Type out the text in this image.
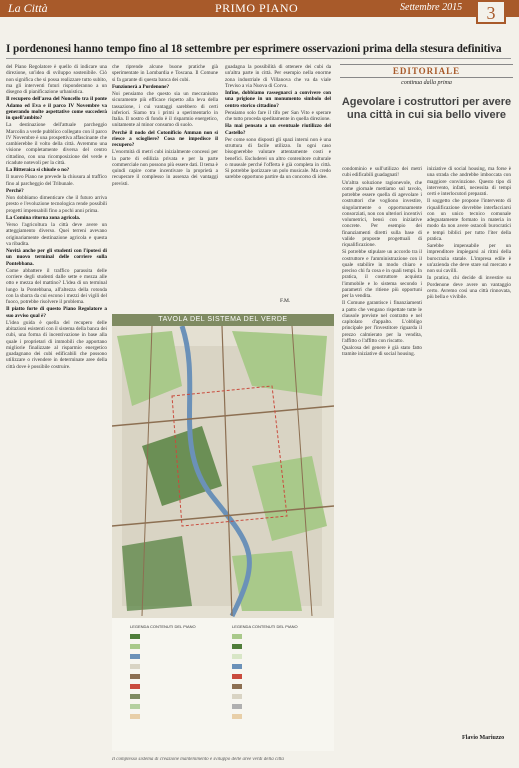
La Città	PRIMO PIANO	Settembre 2015	3
I pordenonesi hanno tempo fino al 18 settembre per esprimere osservazioni prima della stesura definitiva

del Piano Regolatore è quello di indicare una direzione, un'idea di sviluppo sostenibile. Ciò non significa che si possa realizzare tutto subito, ma gli interventi futuri risponderanno a un disegno di pianificazione urbanistica.

Il recupero dell'area del Noncello tra il ponte Adamo ed Eva e il parco IV Novembre va generando molte aspettative come succederà in quell'ambito?

La destinazione dell'attuale parcheggio Marcolin a verde pubblico collegato con il parco IV Novembre è una prospettiva affascinante che cambierebbe il volto della città. Avremmo una visione completamente diversa del centro cittadino, con una ricomposizione del verde e ricadute notevoli per la città.

La Bitteraica si chiude o no?

Il nuovo Piano ne prevede la chiusura al traffico fino al parcheggio del Tribunale.

Perchè?

Non dobbiamo dimenticare che il futuro arriva presto e l'evoluzione tecnologica rende possibili progetti impensabili fino a pochi anni prima.

La Comina ritorna zona agricola.

Verso l'agricoltura la città deve avere un atteggiamento diverso. Quei terreni avevano originariamente destinazione agricola e questa va ribadita.

Novità anche per gli studenti con l'ipotesi di un nuovo terminal delle corriere sulla Pontebbana.

Come abbattere il traffico parassita delle corriere degli studenti dalle sette e mezza alle otto e mezza del mattino? L'idea di un terminal lungo la Pontebbana, all'altezza della rotonda con la sbarra da cui escono i mezzi dei vigili del fuoco, potrebbe risolvere il problema.

Il piatto forte di questo Piano Regolatore a suo avviso qual è?

L'idea guida è quella del recupero delle abitazioni esistenti con il sistema della banca dei cubi, una forma di incentivazione in base alla quale i proprietari di immobili che apportano migliorie finalizzate al risparmio energetico guadagnano dei cubi edificabili che possono utilizzare o rivendere in determinate aree della città dove è possibile costruire.

che riprende alcune buone pratiche già sperimentate in Lombardia e Toscana. Il Comune si fa garante di questa banca dei cubi.

Funzionerà a Pordenone?

Noi pensiamo che questo sia un meccanismo sicuramente più efficace rispetto alla leva della tassazione, i cui vantaggi sarebbero di certi inferiori. Siamo tra i primi a sperimentarlo in Italia. Il nostro di fondo è il risparmio energetico, unitamente al minor consumo di suolo.

Perchè il nodo del Cotonificio Amman non si riesce a sciogliere? Cosa ne impedisce il recupero?

L'enormità di metri cubi inizialmente concessi per la parte di edilizia privata e per la parte commerciale non possono più essere dati. Il tema è quindi capire come incentivare la proprietà a recuperare il complesso in assenza dei vantaggi previsti.

guadagna la possibilità di ottenere dei cubi da un'altra parte in città. Per esempio nella enorme zona industriale di Villanova che va da viale Treviso a via Nuova di Corva.

Infine, dobbiamo rassegnarci a convivere con una prigione in un monumento simbolo del centro storico cittadino?

Pensiamo solo fare il tifo per San Vito e sperare che tutto proceda speditamente in quella direzione.

Ha mai pensato a un eventuale riutilizzo del Castello?

Per come sono disposti gli spazi interni non è una struttura di facile utilizzo. In ogni caso bisognerebbe valutare attentamente costi e benefici. Escluderei un altro contenitore culturale o museale perché l'offerta è già completa in città. Si potrebbe ipotizzare un polo musicale. Ma credo sarebbe opportuno partire da un concorso di idee.

F.M.
EDITORIALE
continua dalla prima
Agevolare i costruttori per avere una città in cui sia bello vivere

condominio e sull'utilizzo dei metri cubi edificabili guadagnati!

Un'altra soluzione ragionevole, che come giornale mettiamo sul tavolo, potrebbe essere quella di agevolare i costruttori che vogliono investire, singolarmente o opportunamente consorziati, non con ulteriori incentivi volumetrici, bensì con iniziative concrete. Per esempio dei finanziamenti diretti sulla base di valide proposte progettuali di riqualificazione.

Si potrebbe stipulare un accordo tra il costruttore e l'amministrazione con il quale stabilire in modo chiaro e preciso chi fa cosa e in quali tempi. In pratica, il costruttore acquista l'immobile e lo sistema secondo i parametri che ritiene più opportuni per la vendita.

Il Comune garantisce i finanziamenti a patto che vengano rispettate tutte le clausole previste nel contratto e nel capitolato d'appalto. L'obbligo principale per l'investitore riguarda il prezzo calmierato per la vendita, l'affitto o l'affitto con riscatto.

Qualcosa del genere è già stato fatto tramite iniziative di social housing.

iniziative di social housing, ma forse è una strada che andrebbe imboccata con maggiore convinzione. Questo tipo di intervento, infatti, necessita di tempi certi e interlocutori preparati.

Il soggetto che propone l'intervento di riqualificazione dovrebbe interfacciarsi con un unico tecnico comunale adeguatamente formato in materia in modo da non avere ostacoli burocratici e tempi biblici per tutto l'iter della pratica.

Sarebbe impensabile per un imprenditore impiegarsi ai ritmi della burocrazia statale. L'impresa edile è un'azienda che deve stare sul mercato e non sui cavilli.

In pratica, chi decide di investire su Pordenone deve avere un vantaggio certo. Avremo così una città rinnovata, più bella e vivibile.

Flavio Mariuzzo
TAVOLA DEL SISTEMA DEL VERDE
LEGENDA CONTENUTI DEL PIANO	LEGENDA CONTENUTI DEL PIANO
Il complesso sistema di creazione mantenimento e sviluppo delle aree verdi della città
